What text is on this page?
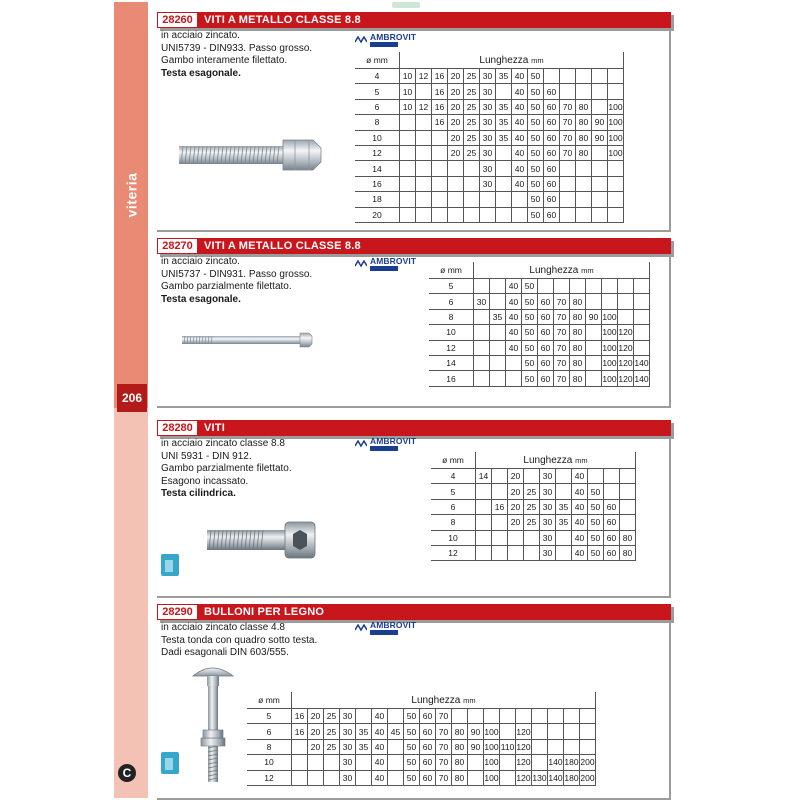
viteria
206
C
28260	VITI A METALLO CLASSE 8.8
in acciaio zincato.
UNI5739 - DIN933. Passo grosso.
Gambo interamente filettato.
Testa esagonale.
AMBROVIT
ø mm	Lunghezza mm													
4	10	12	16	20	25	30	35	40	50					
5	10		16	20	25	30		40	50	60				
6	10	12	16	20	25	30	35	40	50	60	70	80		100
8			16	20	25	30	35	40	50	60	70	80	90	100
10				20	25	30	35	40	50	60	70	80	90	100
12				20	25	30		40	50	60	70	80		100
14						30		40	50	60				
16						30		40	50	60				
18									50	60				
20									50	60				
28270	VITI A METALLO CLASSE 8.8
in acciaio zincato.
UNI5737 - DIN931. Passo grosso.
Gambo parzialmente filettato.
Testa esagonale.
AMBROVIT
ø mm	Lunghezza mm										
5			40	50							
6	30		40	50	60	70	80				
8		35	40	50	60	70	80	90	100		
10			40	50	60	70	80		100	120	
12			40	50	60	70	80		100	120	
14				50	60	70	80		100	120	140
16				50	60	70	80		100	120	140
28280	VITI
in acciaio zincato classe 8.8
UNI 5931 - DIN 912.
Gambo parzialmente filettato.
Esagono incassato.
Testa cilindrica.
AMBROVIT
ø mm	Lunghezza mm									
4	14		20		30		40			
5			20	25	30		40	50		
6		16	20	25	30	35	40	50	60	
8			20	25	30	35	40	50	60	
10					30		40	50	60	80
12					30		40	50	60	80
28290	BULLONI PER LEGNO
in acciaio zincato classe 4.8
Testa tonda con quadro sotto testa.
Dadi esagonali DIN 603/555.
AMBROVIT
ø mm	Lunghezza mm																		
5	16	20	25	30		40		50	60	70									
6	16	20	25	30	35	40	45	50	60	70	80	90	100		120				
8		20	25	30	35	40		50	60	70	80	90	100	110	120				
10				30		40		50	60	70	80		100		120		140	180	200
12				30		40		50	60	70	80		100		120	130	140	180	200
